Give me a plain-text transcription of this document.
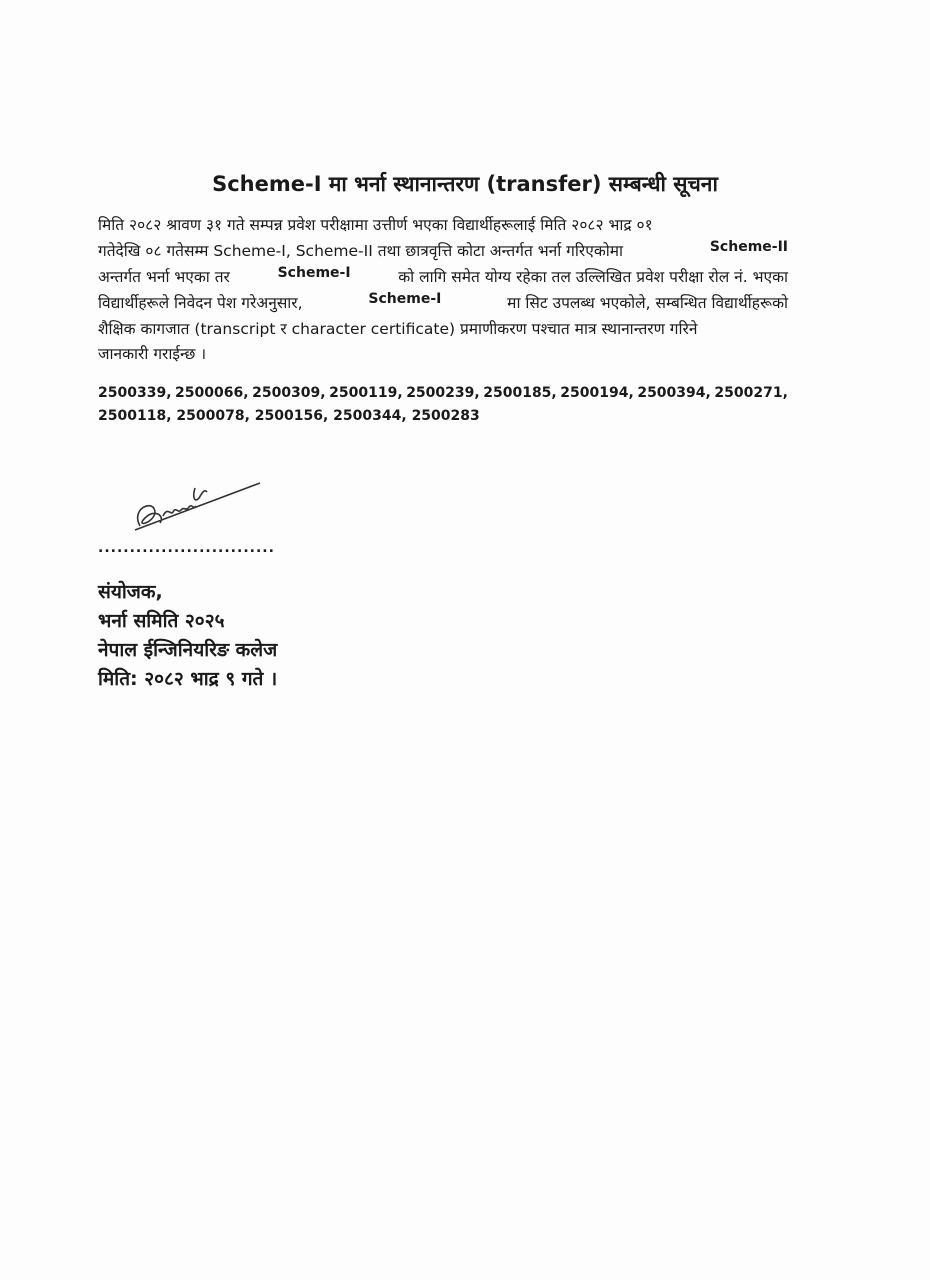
Scheme-I मा भर्ना स्थानान्तरण (transfer) सम्बन्धी सूचना
मिति २०८२ श्रावण ३१ गते सम्पन्न प्रवेश परीक्षामा उत्तीर्ण भएका विद्यार्थीहरूलाई मिति २०८२ भाद्र ०१
गतेदेखि ०८ गतेसम्म Scheme-I, Scheme-II तथा छात्रवृत्ति कोटा अन्तर्गत भर्ना गरिएकोमा	Scheme-II
अन्तर्गत भर्ना भएका तर	Scheme-I	को लागि समेत योग्य रहेका तल उल्लिखित प्रवेश परीक्षा रोल नं. भएका
विद्यार्थीहरूले निवेदन पेश गरेअनुसार,	Scheme-I	मा सिट उपलब्ध भएकोले, सम्बन्धित विद्यार्थीहरूको
शैक्षिक कागजात (transcript र character certificate) प्रमाणीकरण पश्चात मात्र स्थानान्तरण गरिने
जानकारी गराईन्छ ।
2500339, 2500066, 2500309, 2500119, 2500239, 2500185, 2500194, 2500394, 2500271,
2500118, 2500078, 2500156, 2500344, 2500283
............................
संयोजक,
भर्ना समिति २०२५
नेपाल ईन्जिनियरिङ कलेज
मिति: २०८२ भाद्र ९ गते ।
